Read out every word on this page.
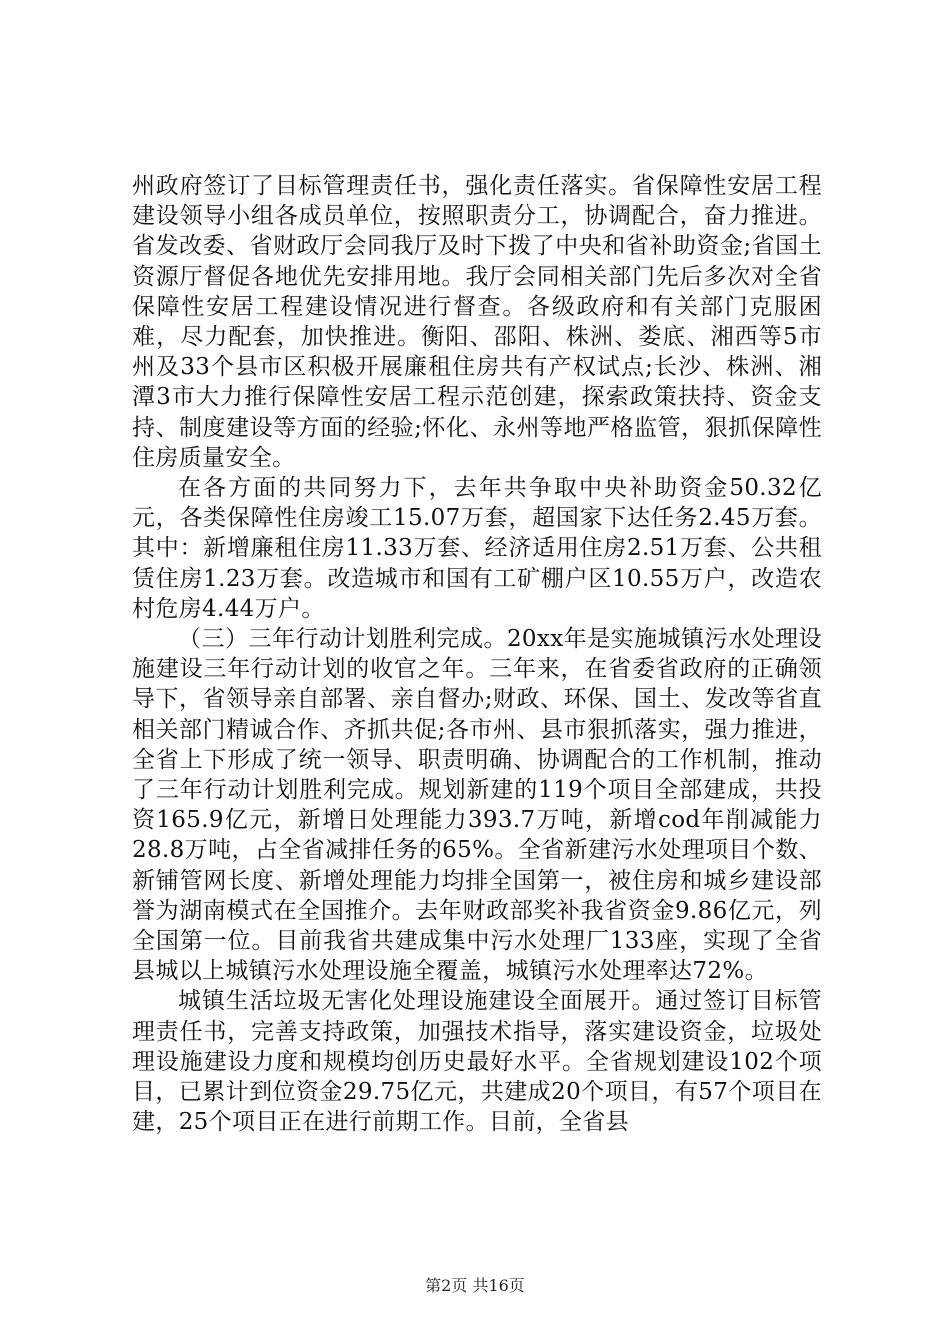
州政府签订了目标管理责任书，强化责任落实。省保障性安居工程建设领导小组各成员单位，按照职责分工，协调配合，奋力推进。省发改委、省财政厅会同我厅及时下拨了中央和省补助资金;省国土资源厅督促各地优先安排用地。我厅会同相关部门先后多次对全省保障性安居工程建设情况进行督查。各级政府和有关部门克服困难，尽力配套，加快推进。衡阳、邵阳、株洲、娄底、湘西等5市州及33个县市区积极开展廉租住房共有产权试点;长沙、株洲、湘潭3市大力推行保障性安居工程示范创建，探索政策扶持、资金支持、制度建设等方面的经验;怀化、永州等地严格监管，狠抓保障性住房质量安全。

在各方面的共同努力下，去年共争取中央补助资金50.32亿元，各类保障性住房竣工15.07万套，超国家下达任务2.45万套。其中：新增廉租住房11.33万套、经济适用住房2.51万套、公共租赁住房1.23万套。改造城市和国有工矿棚户区10.55万户，改造农村危房4.44万户。

（三）三年行动计划胜利完成。20xx年是实施城镇污水处理设施建设三年行动计划的收官之年。三年来，在省委省政府的正确领导下，省领导亲自部署、亲自督办;财政、环保、国土、发改等省直相关部门精诚合作、齐抓共促;各市州、县市狠抓落实，强力推进，全省上下形成了统一领导、职责明确、协调配合的工作机制，推动了三年行动计划胜利完成。规划新建的119个项目全部建成，共投资165.9亿元，新增日处理能力393.7万吨，新增cod年削减能力28.8万吨，占全省减排任务的65%。全省新建污水处理项目个数、新铺管网长度、新增处理能力均排全国第一，被住房和城乡建设部誉为湖南模式在全国推介。去年财政部奖补我省资金9.86亿元，列全国第一位。目前我省共建成集中污水处理厂133座，实现了全省县城以上城镇污水处理设施全覆盖，城镇污水处理率达72%。

城镇生活垃圾无害化处理设施建设全面展开。通过签订目标管理责任书，完善支持政策，加强技术指导，落实建设资金，垃圾处理设施建设力度和规模均创历史最好水平。全省规划建设102个项目，已累计到位资金29.75亿元，共建成20个项目，有57个项目在建，25个项目正在进行前期工作。目前，全省县

第2页 共16页
